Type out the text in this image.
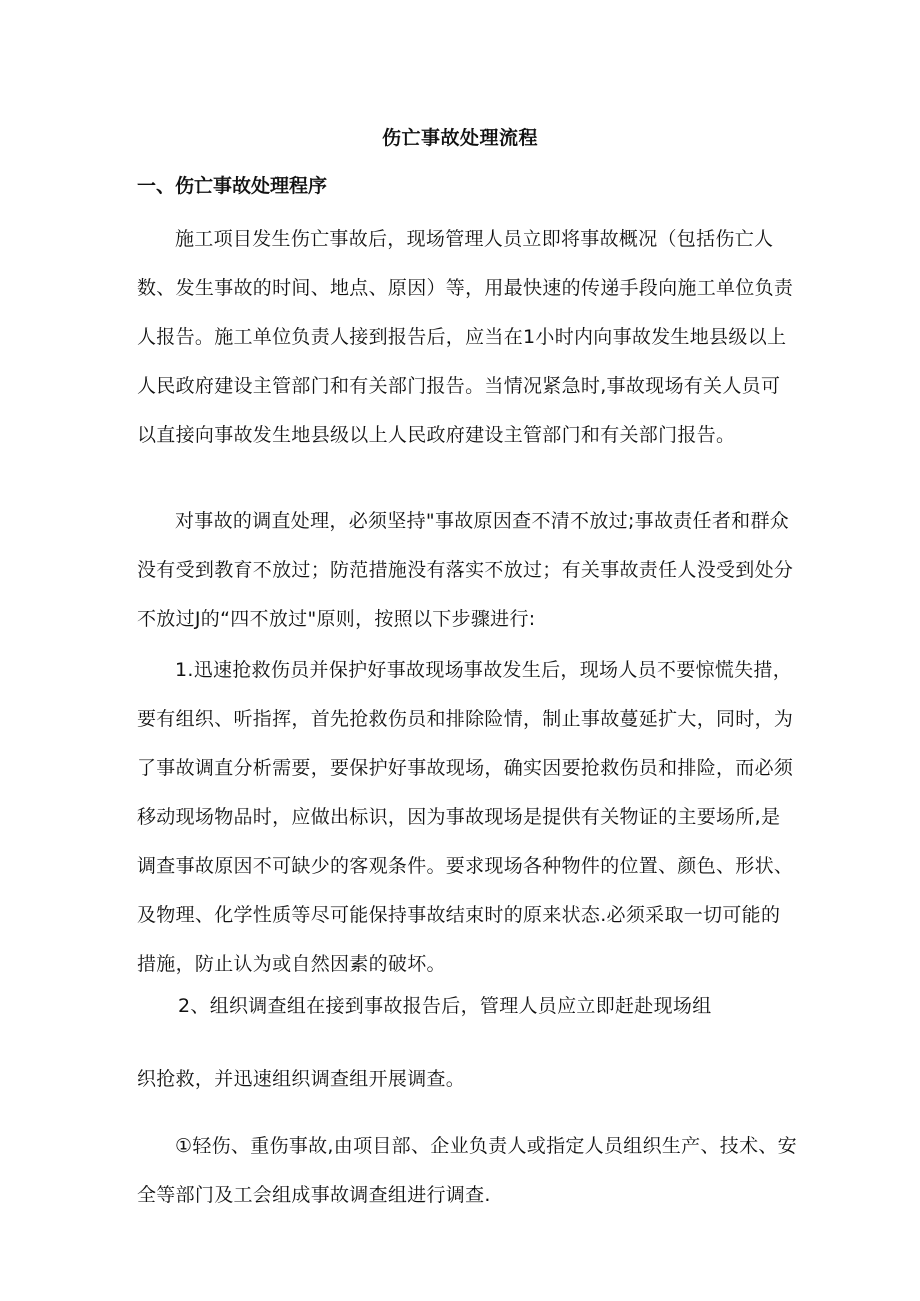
伤亡事故处理流程
一、伤亡事故处理程序
施工项目发生伤亡事故后，现场管理人员立即将事故概况（包括伤亡人数、发生事故的时间、地点、原因）等，用最快速的传递手段向施工单位负责人报告。施工单位负责人接到报告后，应当在1小时内向事故发生地县级以上人民政府建设主管部门和有关部门报告。当情况紧急时,事故现场有关人员可以直接向事故发生地县级以上人民政府建设主管部门和有关部门报告。
对事故的调直处理，必须坚持"事故原因查不清不放过;事故责任者和群众没有受到教育不放过；防范措施没有落实不放过；有关事故责任人没受到处分不放过J的“四不放过"原则，按照以下步骤进行:
1.迅速抢救伤员并保护好事故现场事故发生后，现场人员不要惊慌失措，要有组织、听指挥，首先抢救伤员和排除险情，制止事故蔓延扩大，同时，为了事故调直分析需要，要保护好事故现场，确实因要抢救伤员和排险，而必须移动现场物品时，应做出标识，因为事故现场是提供有关物证的主要场所,是调查事故原因不可缺少的客观条件。要求现场各种物件的位置、颜色、形状、及物理、化学性质等尽可能保持事故结束时的原来状态.必须采取一切可能的措施，防止认为或自然因素的破坏。
2、组织调查组在接到事故报告后，管理人员应立即赶赴现场组
织抢救，并迅速组织调查组开展调查。
①轻伤、重伤事故,由项目部、企业负责人或指定人员组织生产、技术、安全等部门及工会组成事故调查组进行调查.
